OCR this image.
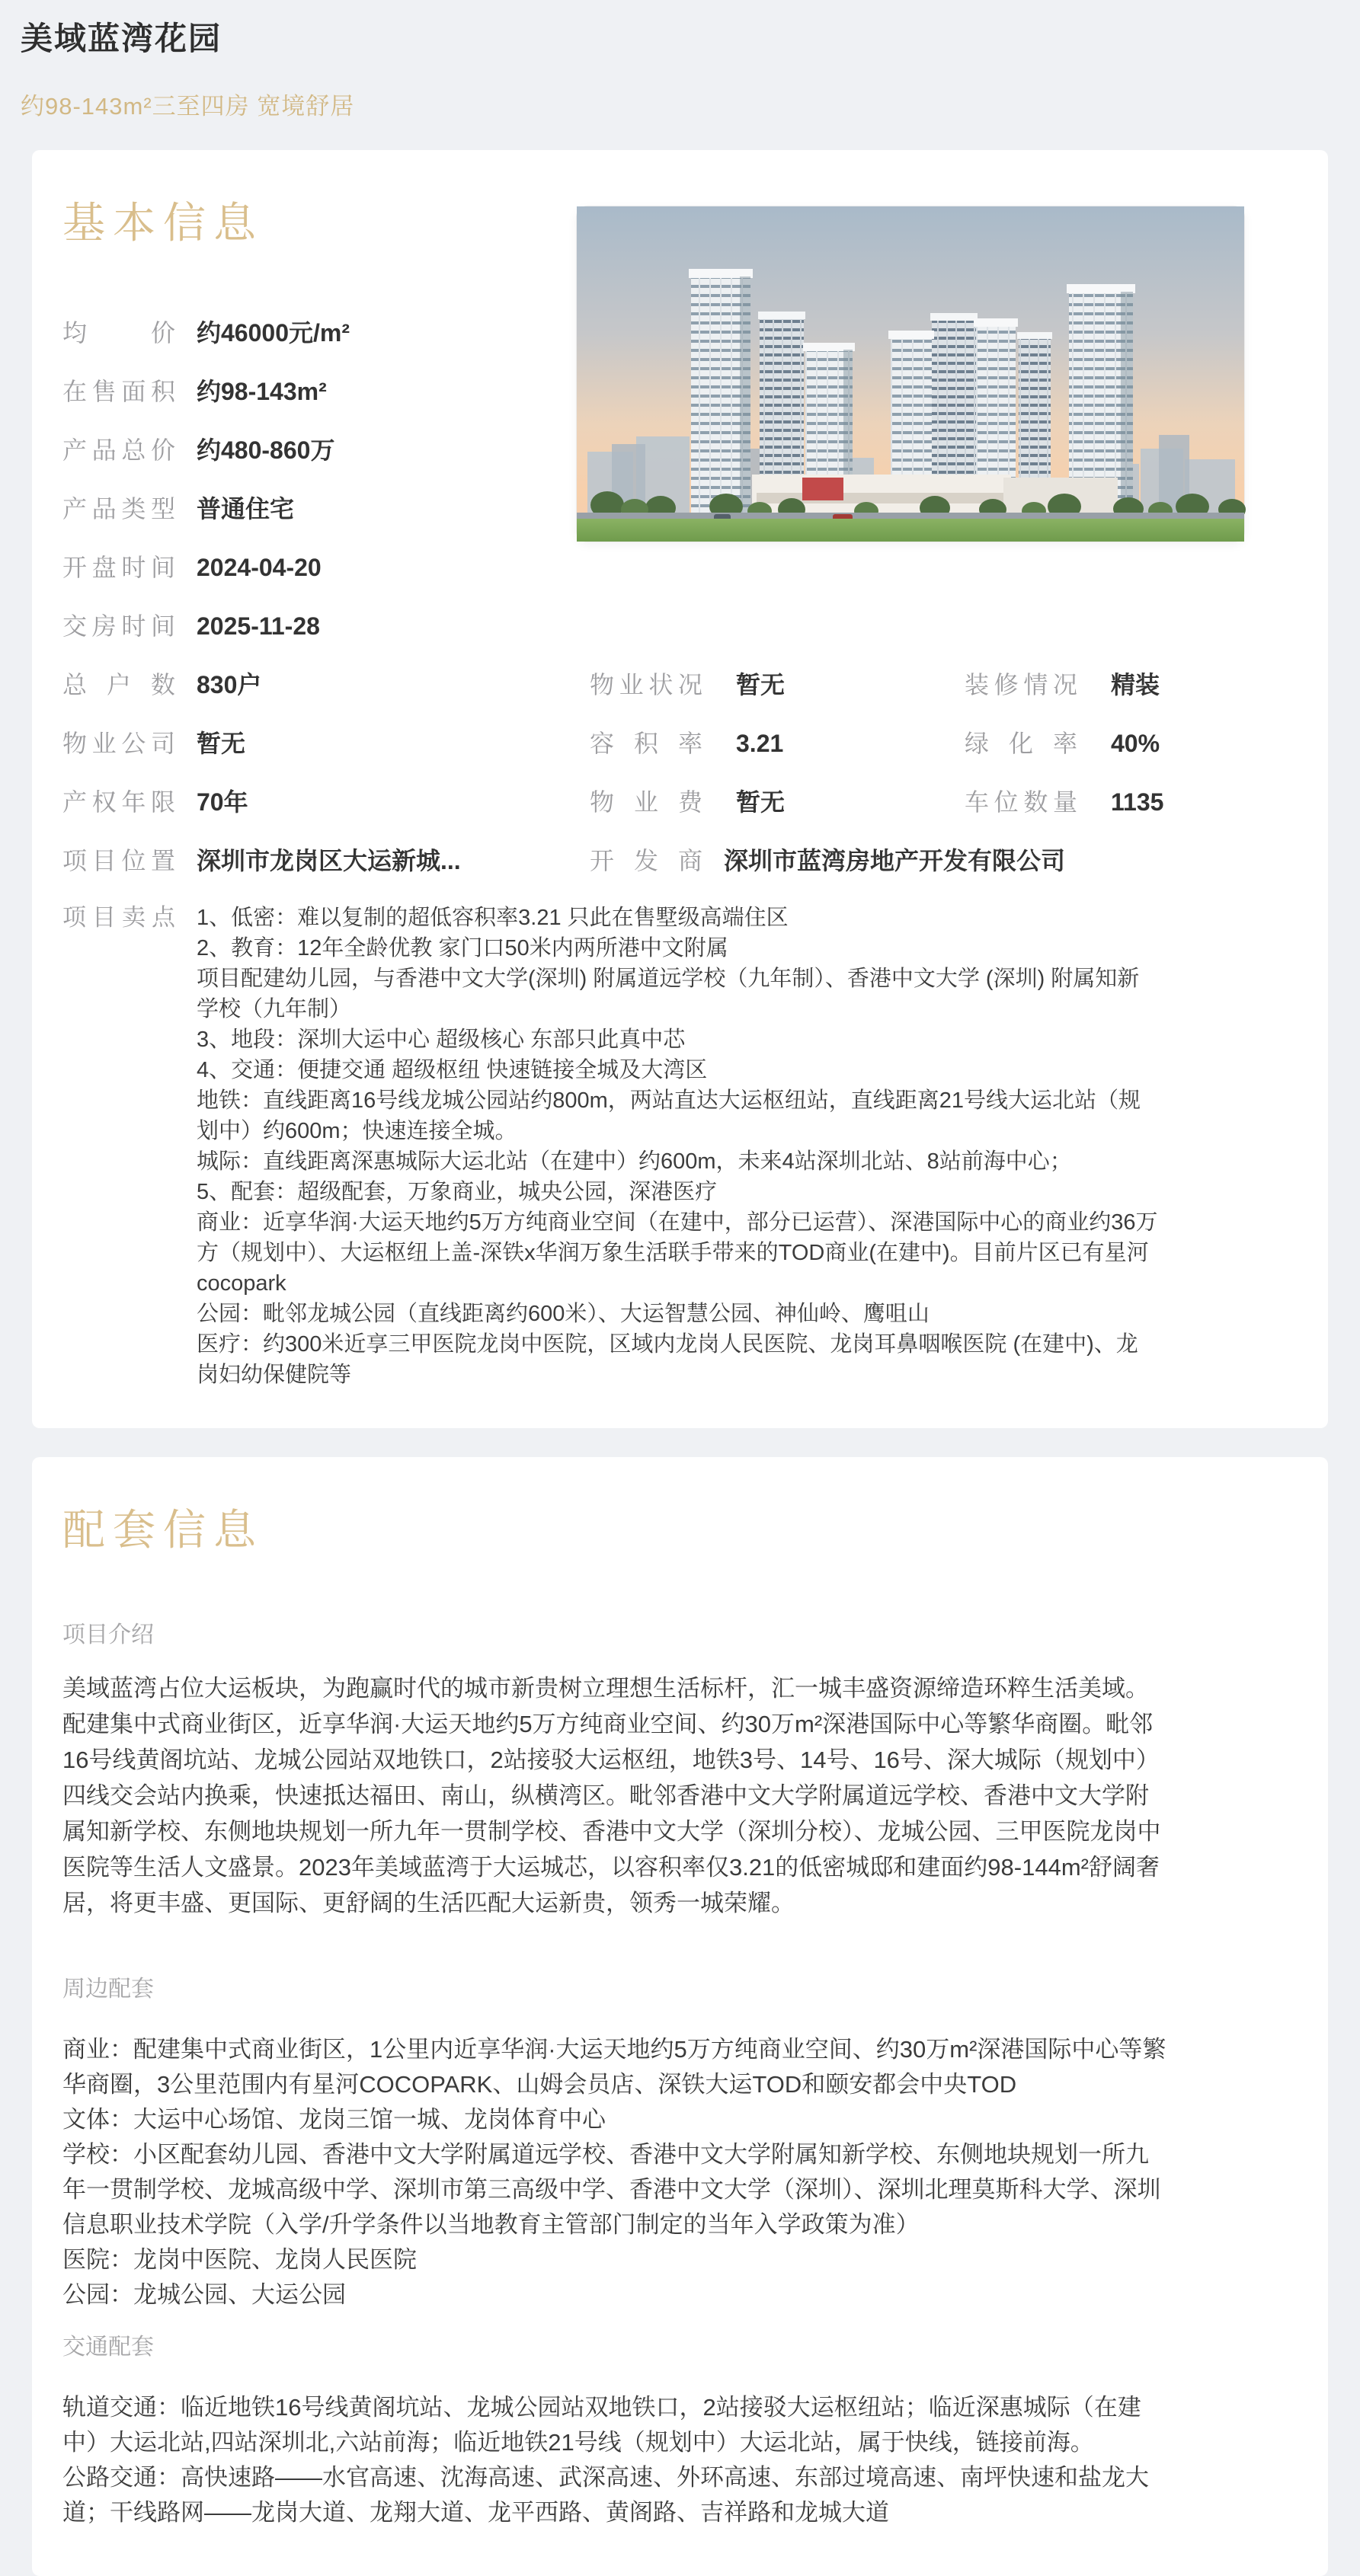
美域蓝湾花园
约98-143m²三至四房 宽境舒居
基本信息
均价 约46000元/m²
在售面积 约98-143m²
产品总价 约480-860万
产品类型 普通住宅
开盘时间 2024-04-20
交房时间 2025-11-28
总户数 830户	物业状况 暂无	装修情况 精装
物业公司 暂无	容积率 3.21	绿化率 40%
产权年限 70年	物业费 暂无	车位数量 1135
项目位置 深圳市龙岗区大运新城...	开发商 深圳市蓝湾房地产开发有限公司
项目卖点 1、低密：难以复制的超低容积率3.21 只此在售墅级高端住区
2、教育：12年全龄优教 家门口50米内两所港中文附属
项目配建幼儿园，与香港中文大学(深圳) 附属道远学校（九年制）、香港中文大学 (深圳) 附属知新学校（九年制）
3、地段：深圳大运中心 超级核心 东部只此真中芯
4、交通：便捷交通 超级枢纽 快速链接全城及大湾区
地铁：直线距离16号线龙城公园站约800m，两站直达大运枢纽站，直线距离21号线大运北站（规划中）约600m；快速连接全城。
城际：直线距离深惠城际大运北站（在建中）约600m，未来4站深圳北站、8站前海中心；
5、配套：超级配套，万象商业，城央公园，深港医疗
商业：近享华润·大运天地约5万方纯商业空间（在建中，部分已运营）、深港国际中心的商业约36万方（规划中）、大运枢纽上盖-深铁x华润万象生活联手带来的TOD商业(在建中)。目前片区已有星河cocopark
公园：毗邻龙城公园（直线距离约600米）、大运智慧公园、神仙岭、鹰咀山
医疗：约300米近享三甲医院龙岗中医院，区域内龙岗人民医院、龙岗耳鼻咽喉医院 (在建中)、龙岗妇幼保健院等
配套信息
项目介绍

美域蓝湾占位大运板块，为跑赢时代的城市新贵树立理想生活标杆，汇一城丰盛资源缔造环粹生活美域。配建集中式商业街区，近享华润·大运天地约5万方纯商业空间、约30万m²深港国际中心等繁华商圈。毗邻16号线黄阁坑站、龙城公园站双地铁口，2站接驳大运枢纽，地铁3号、14号、16号、深大城际（规划中）四线交会站内换乘，快速抵达福田、南山，纵横湾区。毗邻香港中文大学附属道远学校、香港中文大学附属知新学校、东侧地块规划一所九年一贯制学校、香港中文大学（深圳分校）、龙城公园、三甲医院龙岗中医院等生活人文盛景。2023年美域蓝湾于大运城芯，以容积率仅3.21的低密城邸和建面约98-144m²舒阔奢居，将更丰盛、更国际、更舒阔的生活匹配大运新贵，领秀一城荣耀。

周边配套
商业：配建集中式商业街区，1公里内近享华润·大运天地约5万方纯商业空间、约30万m²深港国际中心等繁华商圈，3公里范围内有星河COCOPARK、山姆会员店、深铁大运TOD和颐安都会中央TOD
文体：大运中心场馆、龙岗三馆一城、龙岗体育中心
学校：小区配套幼儿园、香港中文大学附属道远学校、香港中文大学附属知新学校、东侧地块规划一所九年一贯制学校、龙城高级中学、深圳市第三高级中学、香港中文大学（深圳）、深圳北理莫斯科大学、深圳信息职业技术学院（入学/升学条件以当地教育主管部门制定的当年入学政策为准）
医院：龙岗中医院、龙岗人民医院
公园：龙城公园、大运公园
交通配套
轨道交通：临近地铁16号线黄阁坑站、龙城公园站双地铁口，2站接驳大运枢纽站；临近深惠城际（在建中）大运北站,四站深圳北,六站前海；临近地铁21号线（规划中）大运北站，属于快线，链接前海。
公路交通：高快速路——水官高速、沈海高速、武深高速、外环高速、东部过境高速、南坪快速和盐龙大道；干线路网——龙岗大道、龙翔大道、龙平西路、黄阁路、吉祥路和龙城大道
